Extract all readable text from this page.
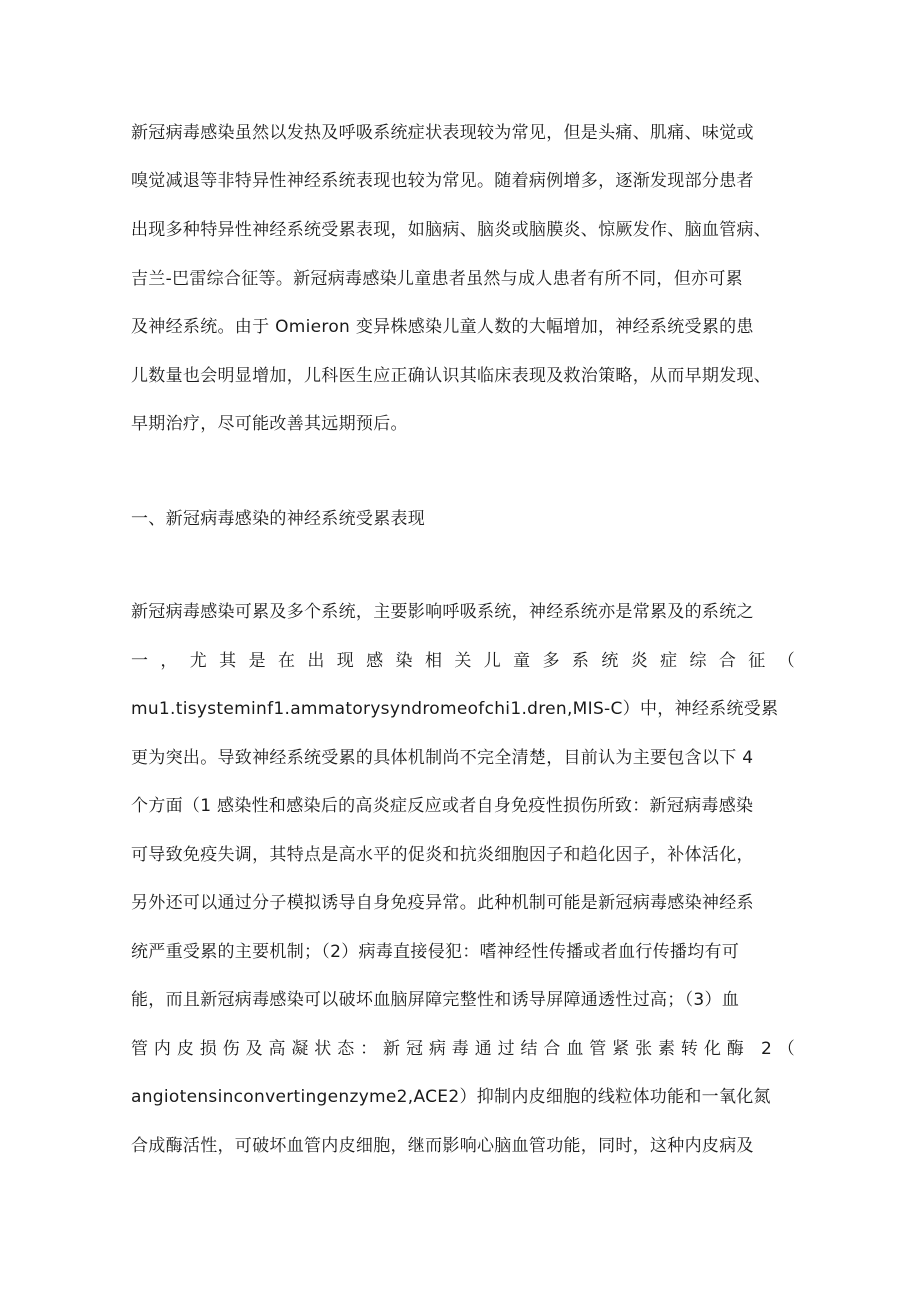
新冠病毒感染虽然以发热及呼吸系统症状表现较为常见，但是头痛、肌痛、味觉或
嗅觉减退等非特异性神经系统表现也较为常见。随着病例增多，逐渐发现部分患者
出现多种特异性神经系统受累表现，如脑病、脑炎或脑膜炎、惊厥发作、脑血管病、
吉兰-巴雷综合征等。新冠病毒感染儿童患者虽然与成人患者有所不同，但亦可累
及神经系统。由于 Omieron 变异株感染儿童人数的大幅增加，神经系统受累的患
儿数量也会明显增加，儿科医生应正确认识其临床表现及救治策略，从而早期发现、
早期治疗，尽可能改善其远期预后。
一、新冠病毒感染的神经系统受累表现
新冠病毒感染可累及多个系统，主要影响呼吸系统，神经系统亦是常累及的系统之
一，尤其是在出现感染相关儿童多系统炎症综合征（
mu1.tisysteminf1.ammatorysyndromeofchi1.dren,MIS-C）中，神经系统受累
更为突出。导致神经系统受累的具体机制尚不完全清楚，目前认为主要包含以下 4
个方面（1 感染性和感染后的高炎症反应或者自身免疫性损伤所致：新冠病毒感染
可导致免疫失调，其特点是高水平的促炎和抗炎细胞因子和趋化因子，补体活化，
另外还可以通过分子模拟诱导自身免疫异常。此种机制可能是新冠病毒感染神经系
统严重受累的主要机制；（2）病毒直接侵犯：嗜神经性传播或者血行传播均有可
能，而且新冠病毒感染可以破坏血脑屏障完整性和诱导屏障通透性过高；（3）血
管内皮损伤及高凝状态：新冠病毒通过结合血管紧张素转化酶 2（
angiotensinconvertingenzyme2,ACE2）抑制内皮细胞的线粒体功能和一氧化氮
合成酶活性，可破坏血管内皮细胞，继而影响心脑血管功能，同时，这种内皮病及
